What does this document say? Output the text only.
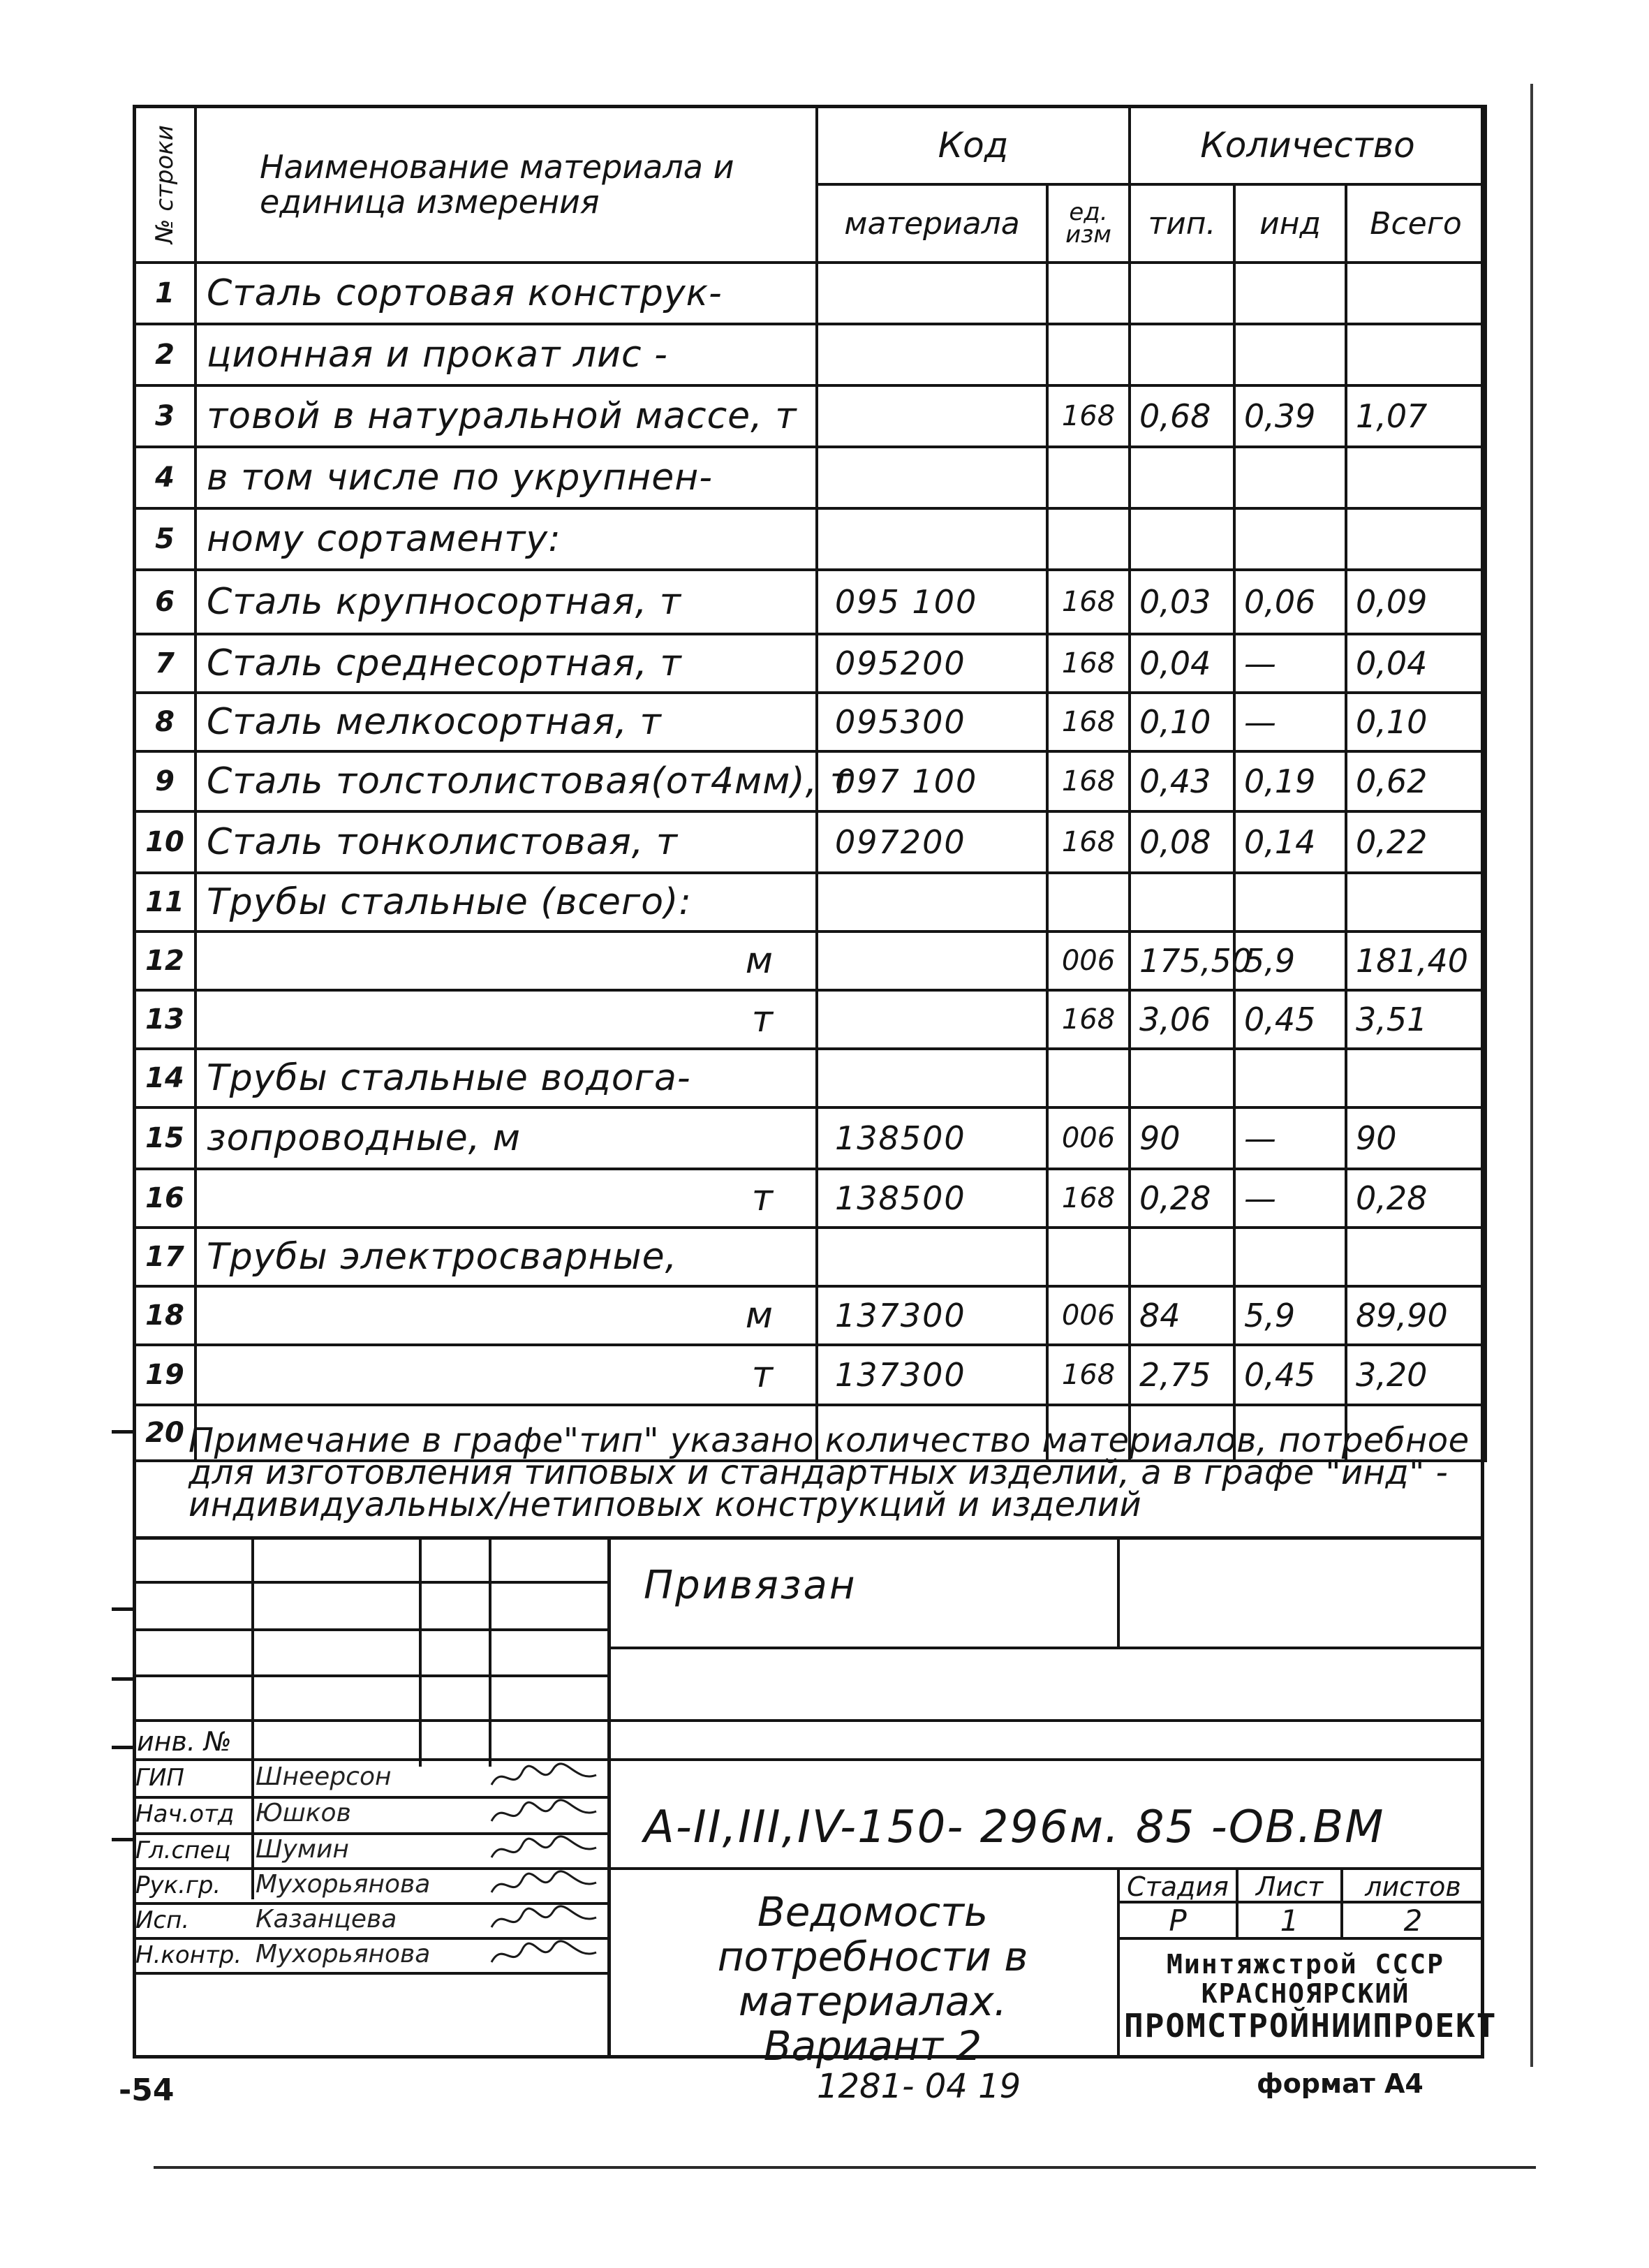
№ строки	Наименование материала и единица измерения	Код		Количество		
		материала	ед. изм	тип.	инд	Всего
1	Сталь сортовая конструк-					
2	ционная и прокат лис -					
3	товой в натуральной массе, т		168	0,68	0,39	1,07
4	в том числе по укрупнен-					
5	ному сортаменту:					
6	Сталь крупносортная, т	095 100	168	0,03	0,06	0,09
7	Сталь среднесортная, т	095200	168	0,04	—	0,04
8	Сталь мелкосортная, т	095300	168	0,10	—	0,10
9	Сталь толстолистовая(от4мм), т	097 100	168	0,43	0,19	0,62
10	Сталь тонколистовая, т	097200	168	0,08	0,14	0,22
11	Трубы стальные (всего):					
12	м		006	175,50	5,9	181,40
13	т		168	3,06	0,45	3,51
14	Трубы стальные водога-					
15	зопроводные, м	138500	006	90	—	90
16	т	138500	168	0,28	—	0,28
17	Трубы электросварные,					
18	м	137300	006	84	5,9	89,90
19	т	137300	168	2,75	0,45	3,20
20						Примечание в графе"тип" указано количество материалов, потребное
для изготовления типовых и стандартных изделий, а в графе "инд" -
индивидуальных/нетиповых конструкций и изделий
Привязан
инв. №
ГИП	Шнеерсон
Нач.отд Юшков
Гл.спец Шумин
Рук.гр. Мухорьянова
Исп.	Казанцева
Н.контр. Мухорьянова
А-II,III,IV-150- 296м. 85 -ОВ.ВМ
Ведомость
потребности в
материалах.
Вариант 2
Стадия	Лист	листов
Р	1	2
Минтяжстрой СССР
КРАСНОЯРСКИЙ
ПРОМСТРОЙНИИПРОЕКТ
-54	1281- 04 19	формат А4
